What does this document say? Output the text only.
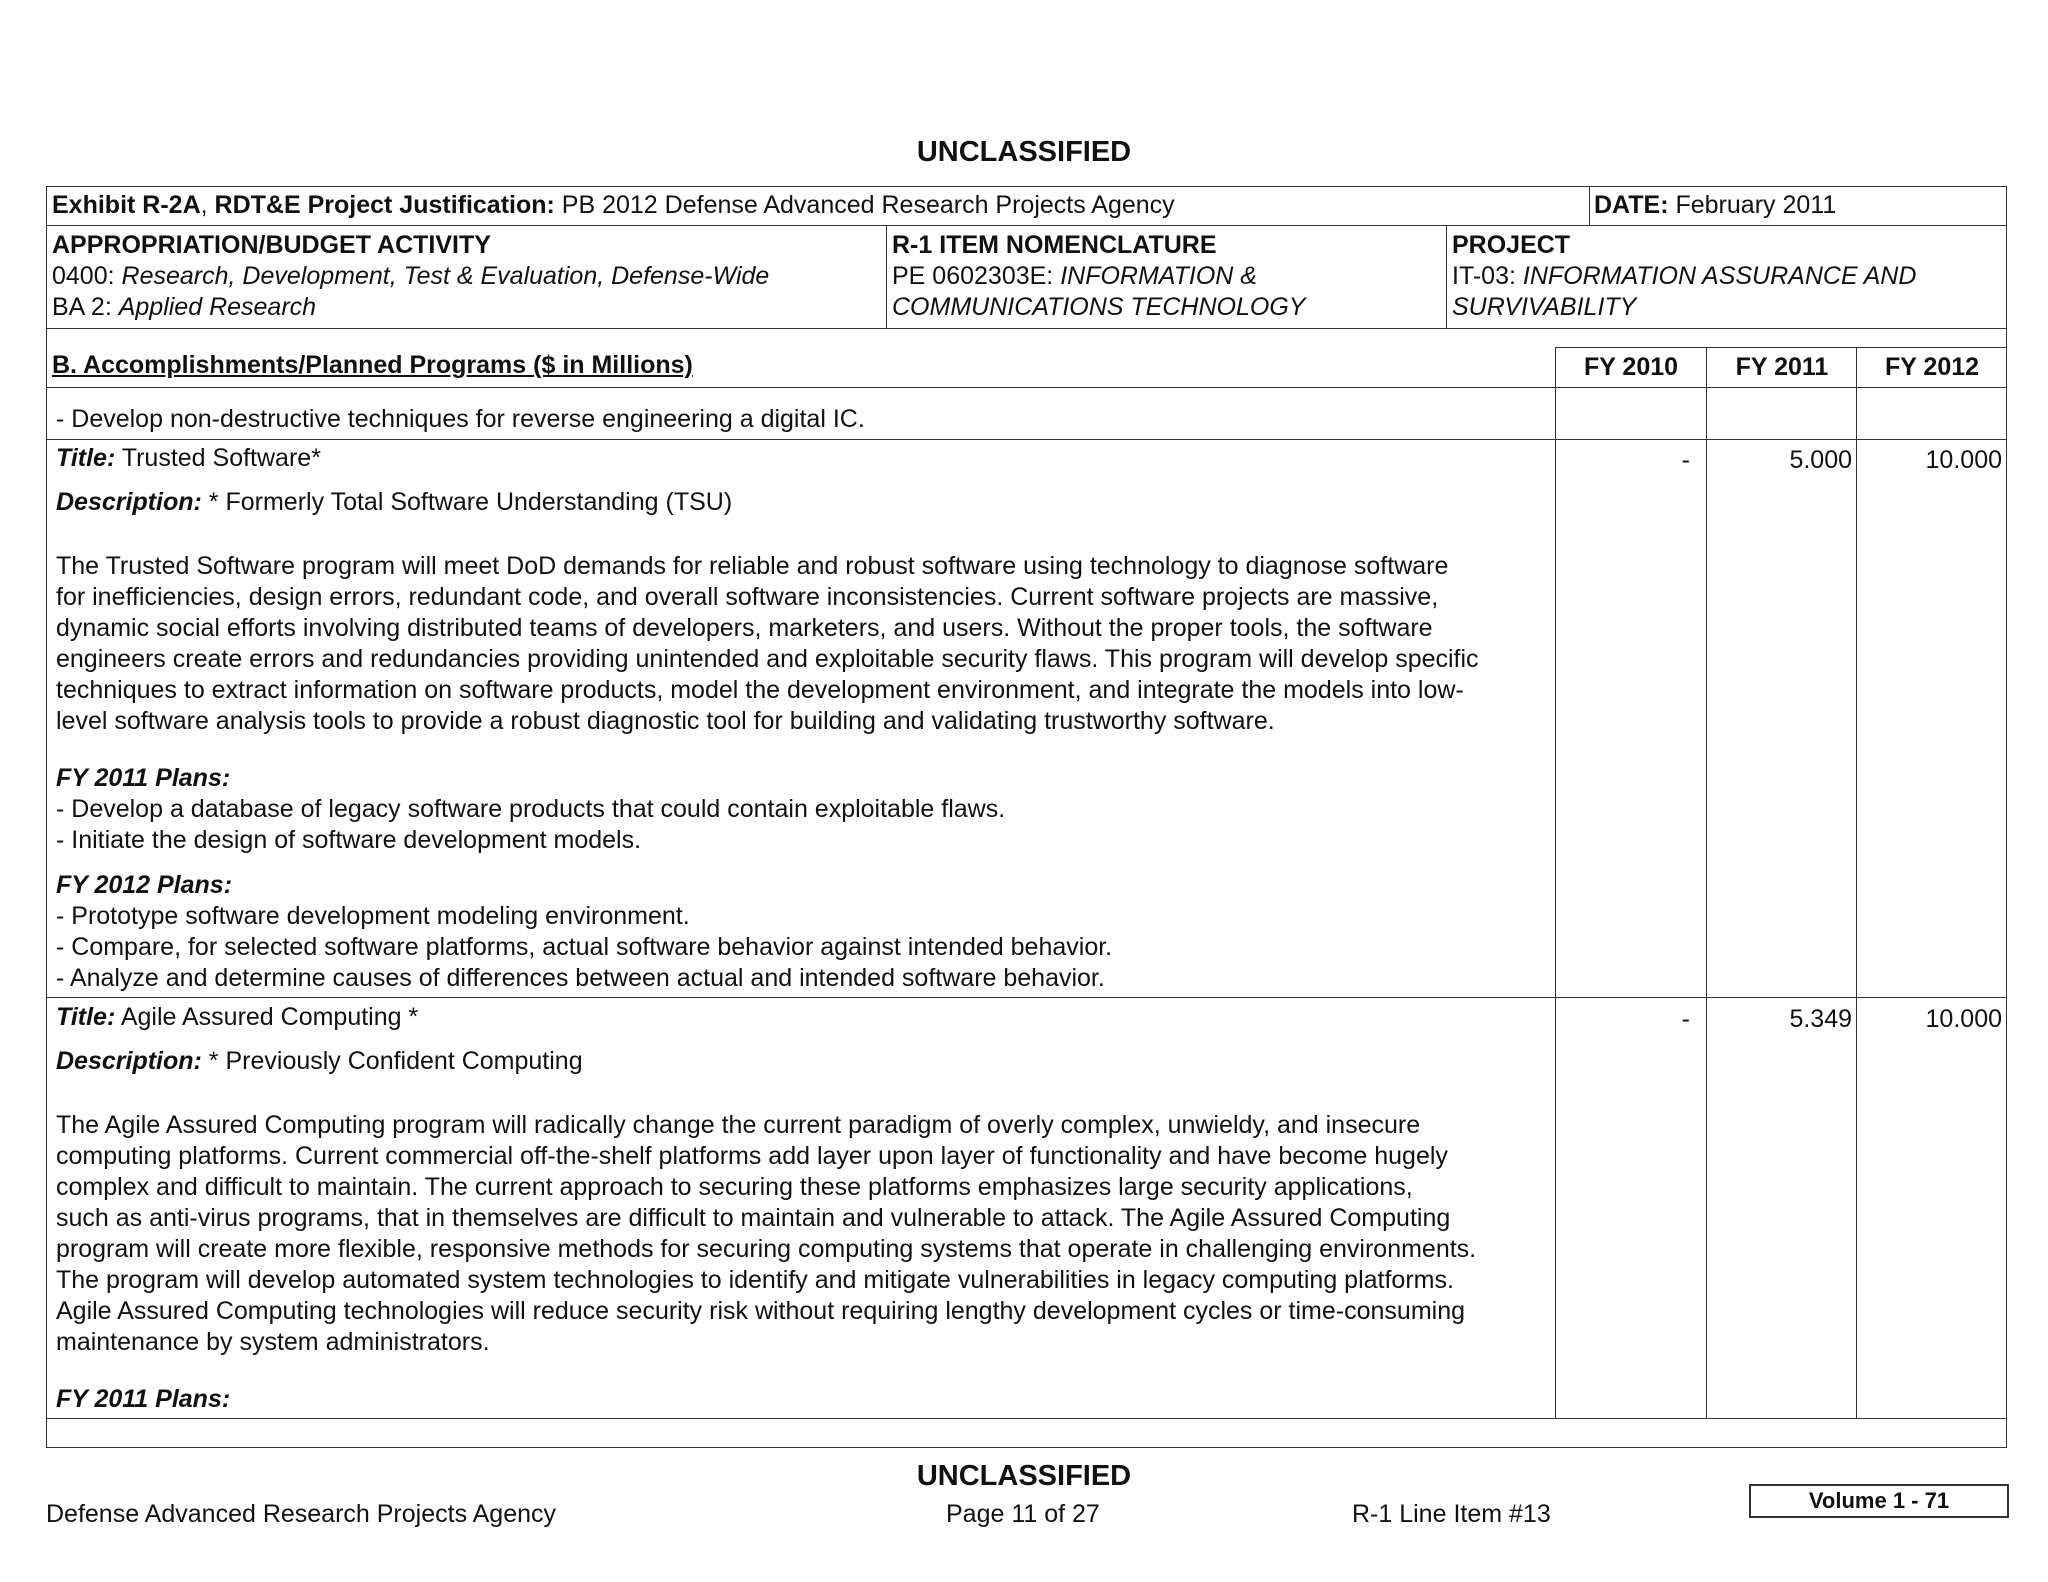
UNCLASSIFIED
Exhibit R-2A, RDT&E Project Justification: PB 2012 Defense Advanced Research Projects Agency	DATE: February 2011
APPROPRIATION/BUDGET ACTIVITY
0400: Research, Development, Test & Evaluation, Defense-Wide
BA 2: Applied Research
R-1 ITEM NOMENCLATURE
PE 0602303E: INFORMATION &
COMMUNICATIONS TECHNOLOGY
PROJECT
IT-03: INFORMATION ASSURANCE AND
SURVIVABILITY
B. Accomplishments/Planned Programs ($ in Millions)	FY 2010	FY 2011	FY 2012
- Develop non-destructive techniques for reverse engineering a digital IC.
Title: Trusted Software*	-	5.000	10.000
Description: * Formerly Total Software Understanding (TSU)
The Trusted Software program will meet DoD demands for reliable and robust software using technology to diagnose software
for inefficiencies, design errors, redundant code, and overall software inconsistencies. Current software projects are massive,
dynamic social efforts involving distributed teams of developers, marketers, and users. Without the proper tools, the software
engineers create errors and redundancies providing unintended and exploitable security flaws. This program will develop specific
techniques to extract information on software products, model the development environment, and integrate the models into low-
level software analysis tools to provide a robust diagnostic tool for building and validating trustworthy software.
FY 2011 Plans:
- Develop a database of legacy software products that could contain exploitable flaws.
- Initiate the design of software development models.
FY 2012 Plans:
- Prototype software development modeling environment.
- Compare, for selected software platforms, actual software behavior against intended behavior.
- Analyze and determine causes of differences between actual and intended software behavior.
Title: Agile Assured Computing *	-	5.349	10.000
Description: * Previously Confident Computing
The Agile Assured Computing program will radically change the current paradigm of overly complex, unwieldy, and insecure
computing platforms. Current commercial off-the-shelf platforms add layer upon layer of functionality and have become hugely
complex and difficult to maintain. The current approach to securing these platforms emphasizes large security applications,
such as anti-virus programs, that in themselves are difficult to maintain and vulnerable to attack. The Agile Assured Computing
program will create more flexible, responsive methods for securing computing systems that operate in challenging environments.
The program will develop automated system technologies to identify and mitigate vulnerabilities in legacy computing platforms.
Agile Assured Computing technologies will reduce security risk without requiring lengthy development cycles or time-consuming
maintenance by system administrators.
FY 2011 Plans:
UNCLASSIFIED
Defense Advanced Research Projects Agency	Page 11 of 27	R-1 Line Item #13	Volume 1 - 71
